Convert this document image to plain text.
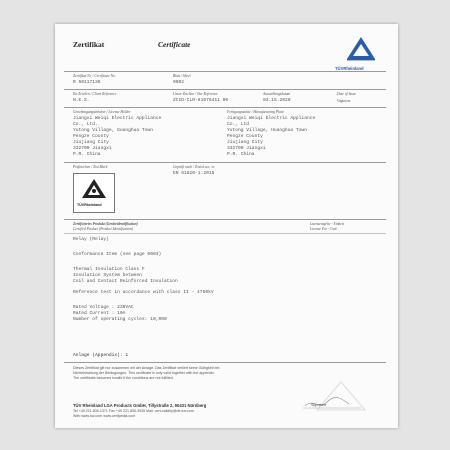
Zertifikat	Certificate
TÜVRheinland
Zertifikat Nr. / Certificate No.	Blatt / Sheet
R 50117136	0002
Ihr Zeichen / Client Reference	Unser Zeichen / Our Reference	Ausstellungsdatum	Date of Issue
N.E.S.	ZCID-CLR-81076411 00	03.15.2020	Vaguness
Genehmigungsinhaber / License Holder	Fertigungsstätte / Manufacturing Plant
Jiangxi Weiqi Electric Appliance
Co., Ltd.
Yutong Village, Guanghua Town
Pengze County
Jiujiang City
332700 Jiangxi
P.R. China
Jiangxi Weiqi Electric Appliance
Co., Ltd
Yutong Village, Huanghua Town
Pengze County
Jiujiang City
332700 Jiangxi
P.R. China
Prüfzeichen / Test Mark	Geprüft nach / Tested acc. to
EN 61810-1:2015
TÜVRheinland
Zertifiziertes Produkt (Geräteidentifikation)
Certified Product (Product Identification)
Lizenzentgelte - Einheit
License Fee - Unit
Relay (Relay)
Conformance Item (see page 0003)
Thermal Insulation Class F
Insulation System between
Coil and Contact Reinforced Insulation
Reference test in accordance with class II - 4750kV
Rated Voltage : 230VAC
Rated Current : 10A
Number of operating cycles: 10,000
Anlage (Appendix): 1
Dieses Zertifikat gilt nur zusammen mit der Anlage. Das Zertifikat verliert seine Gültigkeit bei
Nichteinhaltung der Bedingungen. This certificate is only valid together with the appendix.
The certificate becomes invalid if the conditions are not fulfilled.
Signature
TÜV Rheinland LGA Products GmbH, Tillystraße 2, 90431 Nürnberg
Tel +49 221 806-1371 Fax +49 221 806-3935 Mail: cert-validity@de.tuv.com
Web www.tuv.com www.certipedia.com
